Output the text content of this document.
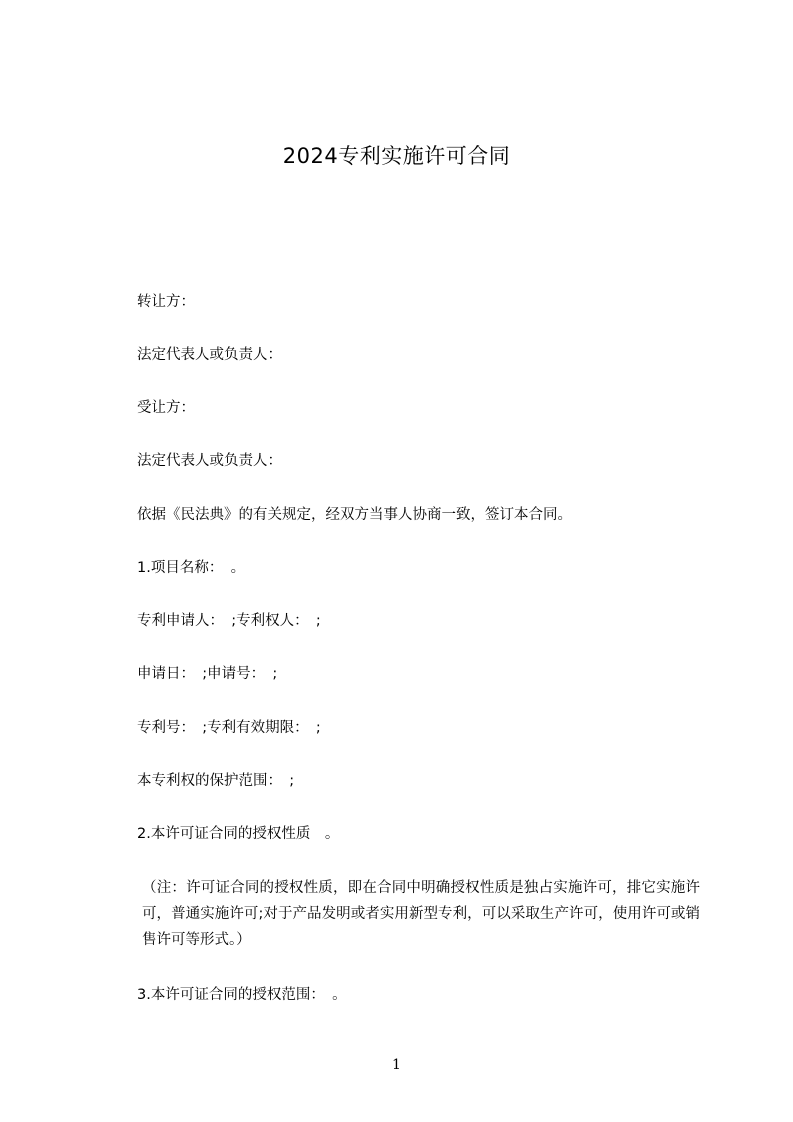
2024专利实施许可合同
转让方：
法定代表人或负责人：
受让方：
法定代表人或负责人：
依据《民法典》的有关规定，经双方当事人协商一致，签订本合同。
1.项目名称：　。
专利申请人：　;专利权人：　;
申请日：　;申请号：　;
专利号：　;专利有效期限：　;
本专利权的保护范围：　;
2.本许可证合同的授权性质　。
（注：许可证合同的授权性质，即在合同中明确授权性质是独占实施许可，排它实施许可，普通实施许可;对于产品发明或者实用新型专利，可以采取生产许可，使用许可或销售许可等形式。）
3.本许可证合同的授权范围：　。
1
